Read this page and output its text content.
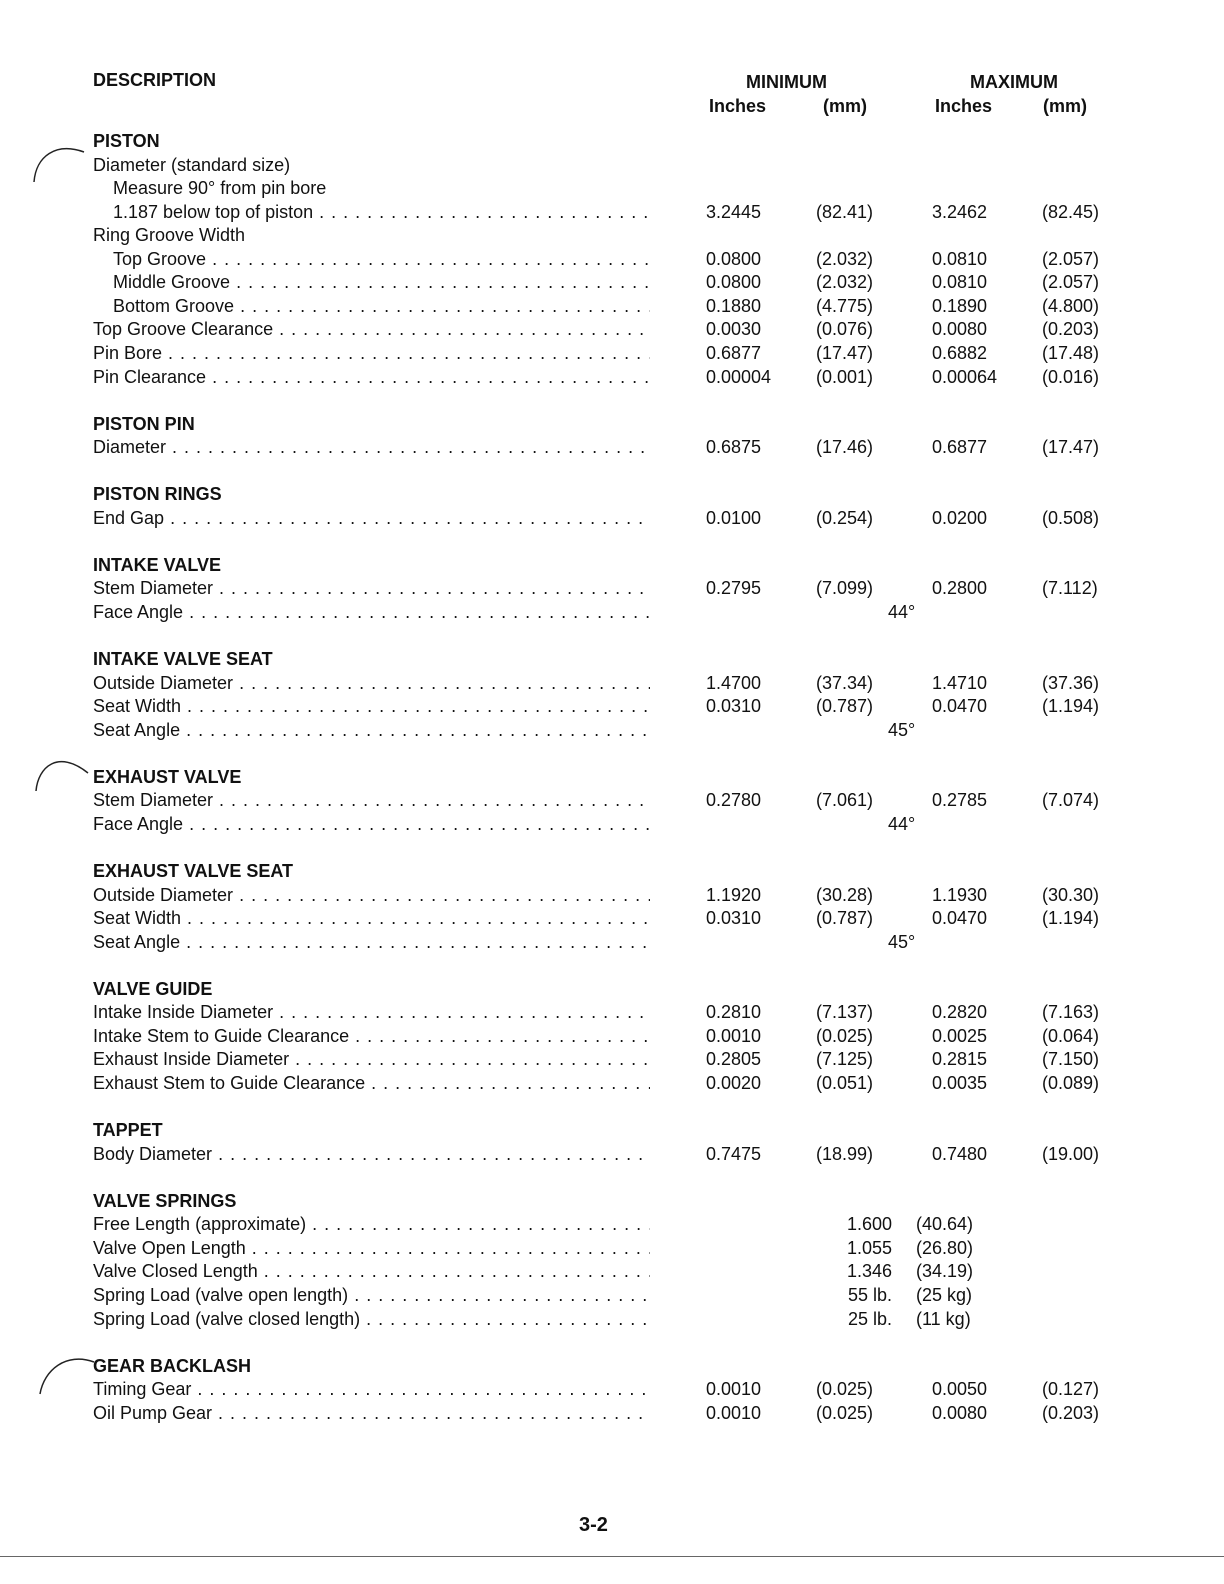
DESCRIPTION	MINIMUM	MAXIMUM
Inches	(mm)	Inches	(mm)
PISTON
Diameter (standard size)
Measure 90° from pin bore
1.187 below top of piston . . .	3.2445	(82.41)	3.2462	(82.45)
Ring Groove Width
Top Groove . . .	0.0800	(2.032)	0.0810	(2.057)
Middle Groove . . .	0.0800	(2.032)	0.0810	(2.057)
Bottom Groove . . .	0.1880	(4.775)	0.1890	(4.800)
Top Groove Clearance . . .	0.0030	(0.076)	0.0080	(0.203)
Pin Bore . . .	0.6877	(17.47)	0.6882	(17.48)
Pin Clearance . . .	0.00004 (0.001)	0.00064 (0.016)
PISTON PIN
Diameter . . .	0.6875	(17.46)	0.6877	(17.47)
PISTON RINGS
End Gap . . .	0.0100	(0.254)	0.0200	(0.508)
INTAKE VALVE
Stem Diameter . . .	0.2795	(7.099)	0.2800	(7.112)
Face Angle . . .	44°
INTAKE VALVE SEAT
Outside Diameter . . .	1.4700	(37.34)	1.4710	(37.36)
Seat Width . . .	0.0310	(0.787)	0.0470	(1.194)
Seat Angle . . .	45°
EXHAUST VALVE
Stem Diameter . . .	0.2780	(7.061)	0.2785	(7.074)
Face Angle . . .	44°
EXHAUST VALVE SEAT
Outside Diameter . . .	1.1920	(30.28)	1.1930	(30.30)
Seat Width . . .	0.0310	(0.787)	0.0470	(1.194)
Seat Angle . . .	45°
VALVE GUIDE
Intake Inside Diameter . . .	0.2810	(7.137)	0.2820	(7.163)
Intake Stem to Guide Clearance . . .	0.0010	(0.025)	0.0025	(0.064)
Exhaust Inside Diameter . . .	0.2805	(7.125)	0.2815	(7.150)
Exhaust Stem to Guide Clearance . . .	0.0020	(0.051)	0.0035	(0.089)
TAPPET
Body Diameter . . .	0.7475	(18.99)	0.7480	(19.00)
VALVE SPRINGS
Free Length (approximate) . . .	1.600 (40.64)
Valve Open Length . . .	1.055 (26.80)
Valve Closed Length . . .	1.346 (34.19)
Spring Load (valve open length) . . .	55 lb. (25 kg)
Spring Load (valve closed length) . . .	25 lb. (11 kg)
GEAR BACKLASH
Timing Gear . . .	0.0010	(0.025)	0.0050	(0.127)
Oil Pump Gear . . .	0.0010	(0.025)	0.0080	(0.203)
3-2
